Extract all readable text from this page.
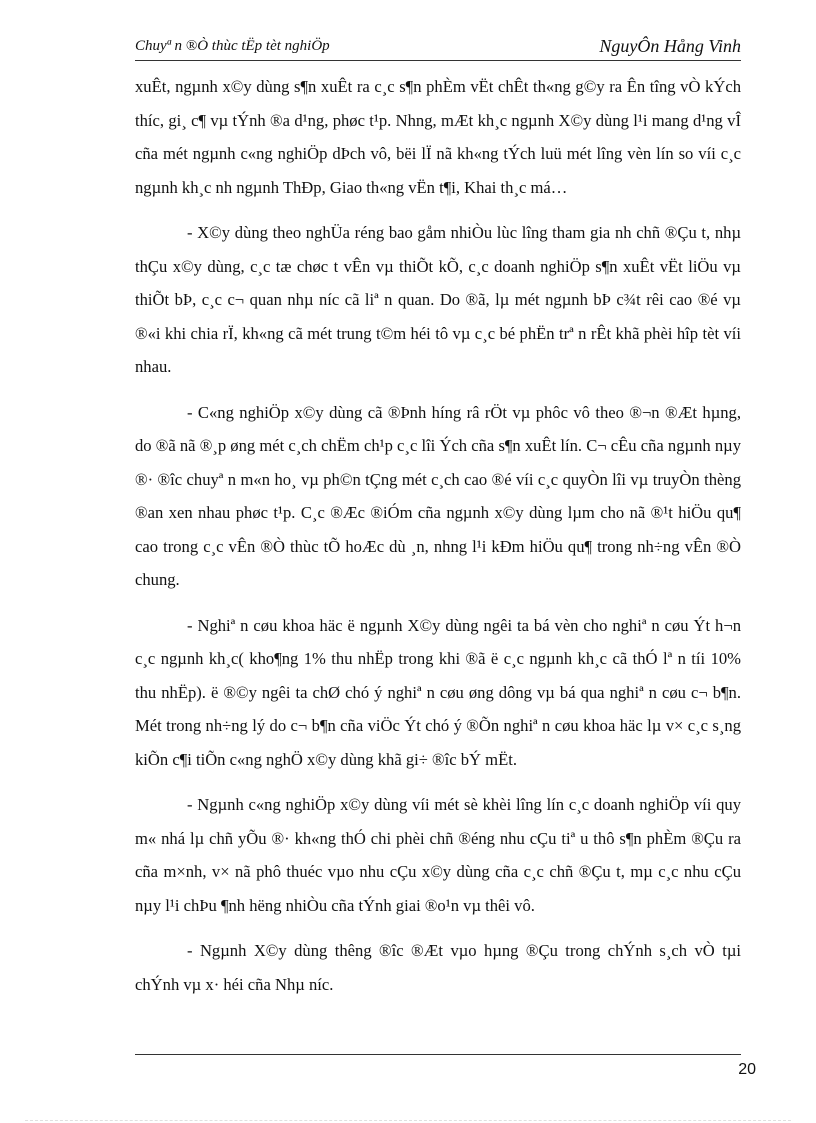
Chuyª n ®Ò thùc tËp tèt nghiÖp	NguyÔn Hång Vinh

xuÊt, ngµnh x©y dùng s¶n xuÊt ra c¸c s¶n phÈm vËt chÊt th«ng g©y ra Ên tîng vÒ kÝch thíc, gi¸ c¶ vµ tÝnh ®a d¹ng, phøc t¹p. Nhng, mÆt kh¸c ngµnh X©y dùng l¹i mang d¹ng vÎ cña mét ngµnh c«ng nghiÖp dÞch vô, bëi lÏ nã kh«ng tÝch luü mét lîng vèn lín so víi c¸c ngµnh kh¸c nh ngµnh ThÐp, Giao th«ng vËn t¶i, Khai th¸c má…

- X©y dùng theo nghÜa réng bao gåm nhiÒu lùc lîng tham gia nh chñ ®Çu t, nhµ thÇu x©y dùng, c¸c tæ chøc t vÊn vµ thiÕt kÕ, c¸c doanh nghiÖp s¶n xuÊt vËt liÖu vµ thiÕt bÞ, c¸c c¬ quan nhµ níc cã liª n quan. Do ®ã, lµ mét ngµnh bÞ c¾t rêi cao ®é vµ ®«i khi chia rÏ, kh«ng cã mét trung t©m héi tô vµ c¸c bé phËn trª n rÊt khã phèi hîp tèt víi nhau.

- C«ng nghiÖp x©y dùng cã ®Þnh híng râ rÖt vµ phôc vô theo ®¬n ®Æt hµng, do ®ã nã ®¸p øng mét c¸ch chËm ch¹p c¸c lîi Ých cña s¶n xuÊt lín. C¬ cÊu cña ngµnh nµy ®· ®îc chuyª n m«n ho¸ vµ ph©n tÇng mét c¸ch cao ®é víi c¸c quyÒn lîi vµ truyÒn thèng ®an xen nhau phøc t¹p. C¸c ®Æc ®iÓm cña ngµnh x©y dùng lµm cho nã ®¹t hiÖu qu¶ cao trong c¸c vÊn ®Ò thùc tÕ hoÆc dù ¸n, nhng l¹i kÐm hiÖu qu¶ trong nh÷ng vÊn ®Ò chung.

- Nghiª n cøu khoa häc ë ngµnh X©y dùng ngêi ta bá vèn cho nghiª n cøu Ýt h¬n c¸c ngµnh kh¸c( kho¶ng 1% thu nhËp trong khi ®ã ë c¸c ngµnh kh¸c cã thÓ lª n tíi 10% thu nhËp). ë ®©y ngêi ta chØ chó ý nghiª n cøu øng dông vµ bá qua nghiª n cøu c¬ b¶n. Mét trong nh÷ng lý do c¬ b¶n cña viÖc Ýt chó ý ®Õn nghiª n cøu khoa häc lµ v× c¸c s¸ng kiÕn c¶i tiÕn c«ng nghÖ x©y dùng khã gi÷ ®îc bÝ mËt.

- Ngµnh c«ng nghiÖp x©y dùng víi mét sè khèi lîng lín c¸c doanh nghiÖp víi quy m« nhá lµ chñ yÕu ®· kh«ng thÓ chi phèi chñ ®éng nhu cÇu tiª u thô s¶n phÈm ®Çu ra cña m×nh, v× nã phô thuéc vµo nhu cÇu x©y dùng cña c¸c chñ ®Çu t, mµ c¸c nhu cÇu nµy l¹i chÞu ¶nh hëng nhiÒu cña tÝnh giai ®o¹n vµ thêi vô.

- Ngµnh X©y dùng thêng ®îc ®Æt vµo hµng ®Çu trong chÝnh s¸ch vÒ tµi chÝnh vµ x· héi cña Nhµ níc.

20
